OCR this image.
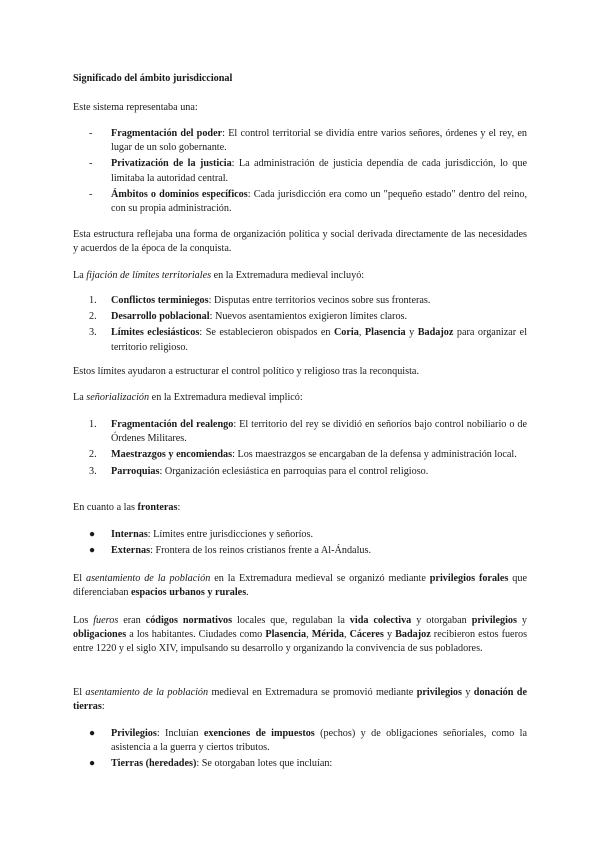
Significado del ámbito jurisdiccional

Este sistema representaba una:

-	Fragmentación del poder: El control territorial se dividía entre varios señores, órdenes y el rey, en lugar de un solo gobernante.
-	Privatización de la justicia: La administración de justicia dependía de cada jurisdicción, lo que limitaba la autoridad central.
-	Ámbitos o dominios específicos: Cada jurisdicción era como un "pequeño estado" dentro del reino, con su propia administración.

Esta estructura reflejaba una forma de organización política y social derivada directamente de las necesidades y acuerdos de la época de la conquista.

La fijación de límites territoriales en la Extremadura medieval incluyó:

1.	Conflictos terminiegos: Disputas entre territorios vecinos sobre sus fronteras.
2.	Desarrollo poblacional: Nuevos asentamientos exigieron límites claros.
3.	Límites eclesiásticos: Se establecieron obispados en Coria, Plasencia y Badajoz para organizar el territorio religioso.

Estos límites ayudaron a estructurar el control político y religioso tras la reconquista.

La señorialización en la Extremadura medieval implicó:

1.	Fragmentación del realengo: El territorio del rey se dividió en señoríos bajo control nobiliario o de Órdenes Militares.
2.	Maestrazgos y encomiendas: Los maestrazgos se encargaban de la defensa y administración local.
3.	Parroquias: Organización eclesiástica en parroquias para el control religioso.

En cuanto a las fronteras:

●	Internas: Límites entre jurisdicciones y señoríos.
●	Externas: Frontera de los reinos cristianos frente a Al-Ándalus.

El asentamiento de la población en la Extremadura medieval se organizó mediante privilegios forales que diferenciaban espacios urbanos y rurales.

Los fueros eran códigos normativos locales que, regulaban la vida colectiva y otorgaban privilegios y obligaciones a los habitantes. Ciudades como Plasencia, Mérida, Cáceres y Badajoz recibieron estos fueros entre 1220 y el siglo XIV, impulsando su desarrollo y organizando la convivencia de sus pobladores.

El asentamiento de la población medieval en Extremadura se promovió mediante privilegios y donación de tierras:

●	Privilegios: Incluían exenciones de impuestos (pechos) y de obligaciones señoriales, como la asistencia a la guerra y ciertos tributos.
●	Tierras (heredades): Se otorgaban lotes que incluían:
